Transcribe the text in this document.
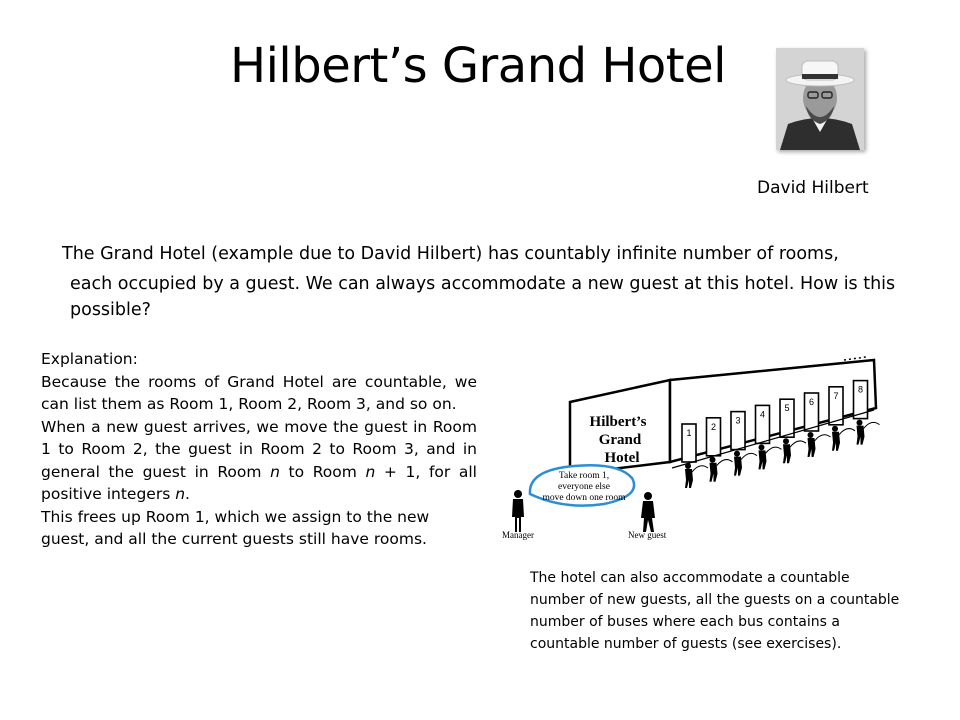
Hilbert’s Grand Hotel
David Hilbert

The Grand Hotel (example due to David Hilbert) has countably infinite number of rooms,
each occupied by a guest. We can always accommodate a new guest at this hotel. How is this possible?

Explanation:
Because the rooms of Grand Hotel are countable, we can list them as Room 1, Room 2, Room 3, and so on.
When a new guest arrives, we move the guest in Room 1 to Room 2, the guest in Room 2 to Room 3, and in general the guest in Room n to Room n + 1, for all positive integers n.
This frees up Room 1, which we assign to the new guest, and all the current guests still have rooms.
Hilbert’s
Grand
Hotel
1
2
3
4
5
6
7
8
Take room 1,
everyone else
move down one room
Manager	New guest

The hotel can also accommodate a countable number of new guests, all the guests on a countable number of buses where each bus contains a countable number of guests (see exercises).
